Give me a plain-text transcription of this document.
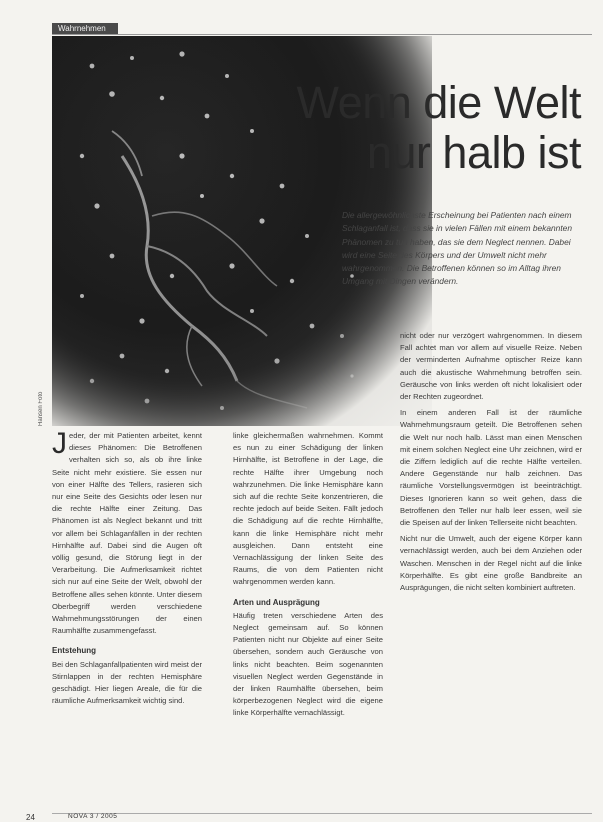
Wahrnehmen
Hansen Foto
Wenn die Welt
nur halb ist

Die allergewöhnlichste Erscheinung bei Patienten nach einem Schlaganfall ist, dass sie in vielen Fällen mit einem bekannten Phänomen zu tun haben, das sie dem Neglect nennen. Dabei wird eine Seite des Körpers und der Umwelt nicht mehr wahrgenommen. Die Betroffenen können so im Alltag ihren Umgang mit Dingen verändern.

Jeder, der mit Patienten arbeitet, kennt dieses Phänomen: Die Betroffenen verhalten sich so, als ob ihre linke Seite nicht mehr existiere. Sie essen nur von einer Hälfte des Tellers, rasieren sich nur eine Seite des Gesichts oder lesen nur die rechte Hälfte einer Zeitung. Das Phänomen ist als Neglect bekannt und tritt vor allem bei Schlaganfällen in der rechten Hirnhälfte auf. Dabei sind die Augen oft völlig gesund, die Störung liegt in der Verarbeitung. Die Aufmerksamkeit richtet sich nur auf eine Seite der Welt, obwohl der Betroffene alles sehen könnte. Unter diesem Oberbegriff werden verschiedene Wahrnehmungsstörungen der einen Raumhälfte zusammengefasst.

Entstehung

Bei den Schlaganfallpatienten wird meist der Stirnlappen in der rechten Hemisphäre geschädigt. Hier liegen Areale, die für die räumliche Aufmerksamkeit wichtig sind.

linke gleichermaßen wahrnehmen. Kommt es nun zu einer Schädigung der linken Hirnhälfte, ist Betroffene in der Lage, die rechte Hälfte ihrer Umgebung noch wahrzunehmen. Die linke Hemisphäre kann sich auf die rechte Seite konzentrieren, die rechte jedoch auf beide Seiten. Fällt jedoch die Schädigung auf die rechte Hirnhälfte, kann die linke Hemisphäre nicht mehr ausgleichen. Dann entsteht eine Vernachlässigung der linken Seite des Raums, die von dem Patienten nicht wahrgenommen werden kann.

Arten und Ausprägung

Häufig treten verschiedene Arten des Neglect gemeinsam auf. So können Patienten nicht nur Objekte auf einer Seite übersehen, sondern auch Geräusche von links nicht beachten. Beim sogenannten visuellen Neglect werden Gegenstände in der linken Raumhälfte übersehen, beim körperbezogenen Neglect wird die eigene linke Körperhälfte vernachlässigt.

nicht oder nur verzögert wahrgenommen. In diesem Fall achtet man vor allem auf visuelle Reize. Neben der verminderten Aufnahme optischer Reize kann auch die akustische Wahrnehmung betroffen sein. Geräusche von links werden oft nicht lokalisiert oder der Rechten zugeordnet.

In einem anderen Fall ist der räumliche Wahrnehmungsraum geteilt. Die Betroffenen sehen die Welt nur noch halb. Lässt man einen Menschen mit einem solchen Neglect eine Uhr zeichnen, wird er die Ziffern lediglich auf die rechte Hälfte verteilen. Andere Gegenstände nur halb zeichnen. Das räumliche Vorstellungsvermögen ist beeinträchtigt. Dieses Ignorieren kann so weit gehen, dass die Betroffenen den Teller nur halb leer essen, weil sie die Speisen auf der linken Tellerseite nicht beachten.

Nicht nur die Umwelt, auch der eigene Körper kann vernachlässigt werden, auch bei dem Anziehen oder Waschen. Menschen in der Regel nicht auf die linke Körperhälfte. Es gibt eine große Bandbreite an Ausprägungen, die nicht selten kombiniert auftreten.

24	NOVA 3 / 2005
